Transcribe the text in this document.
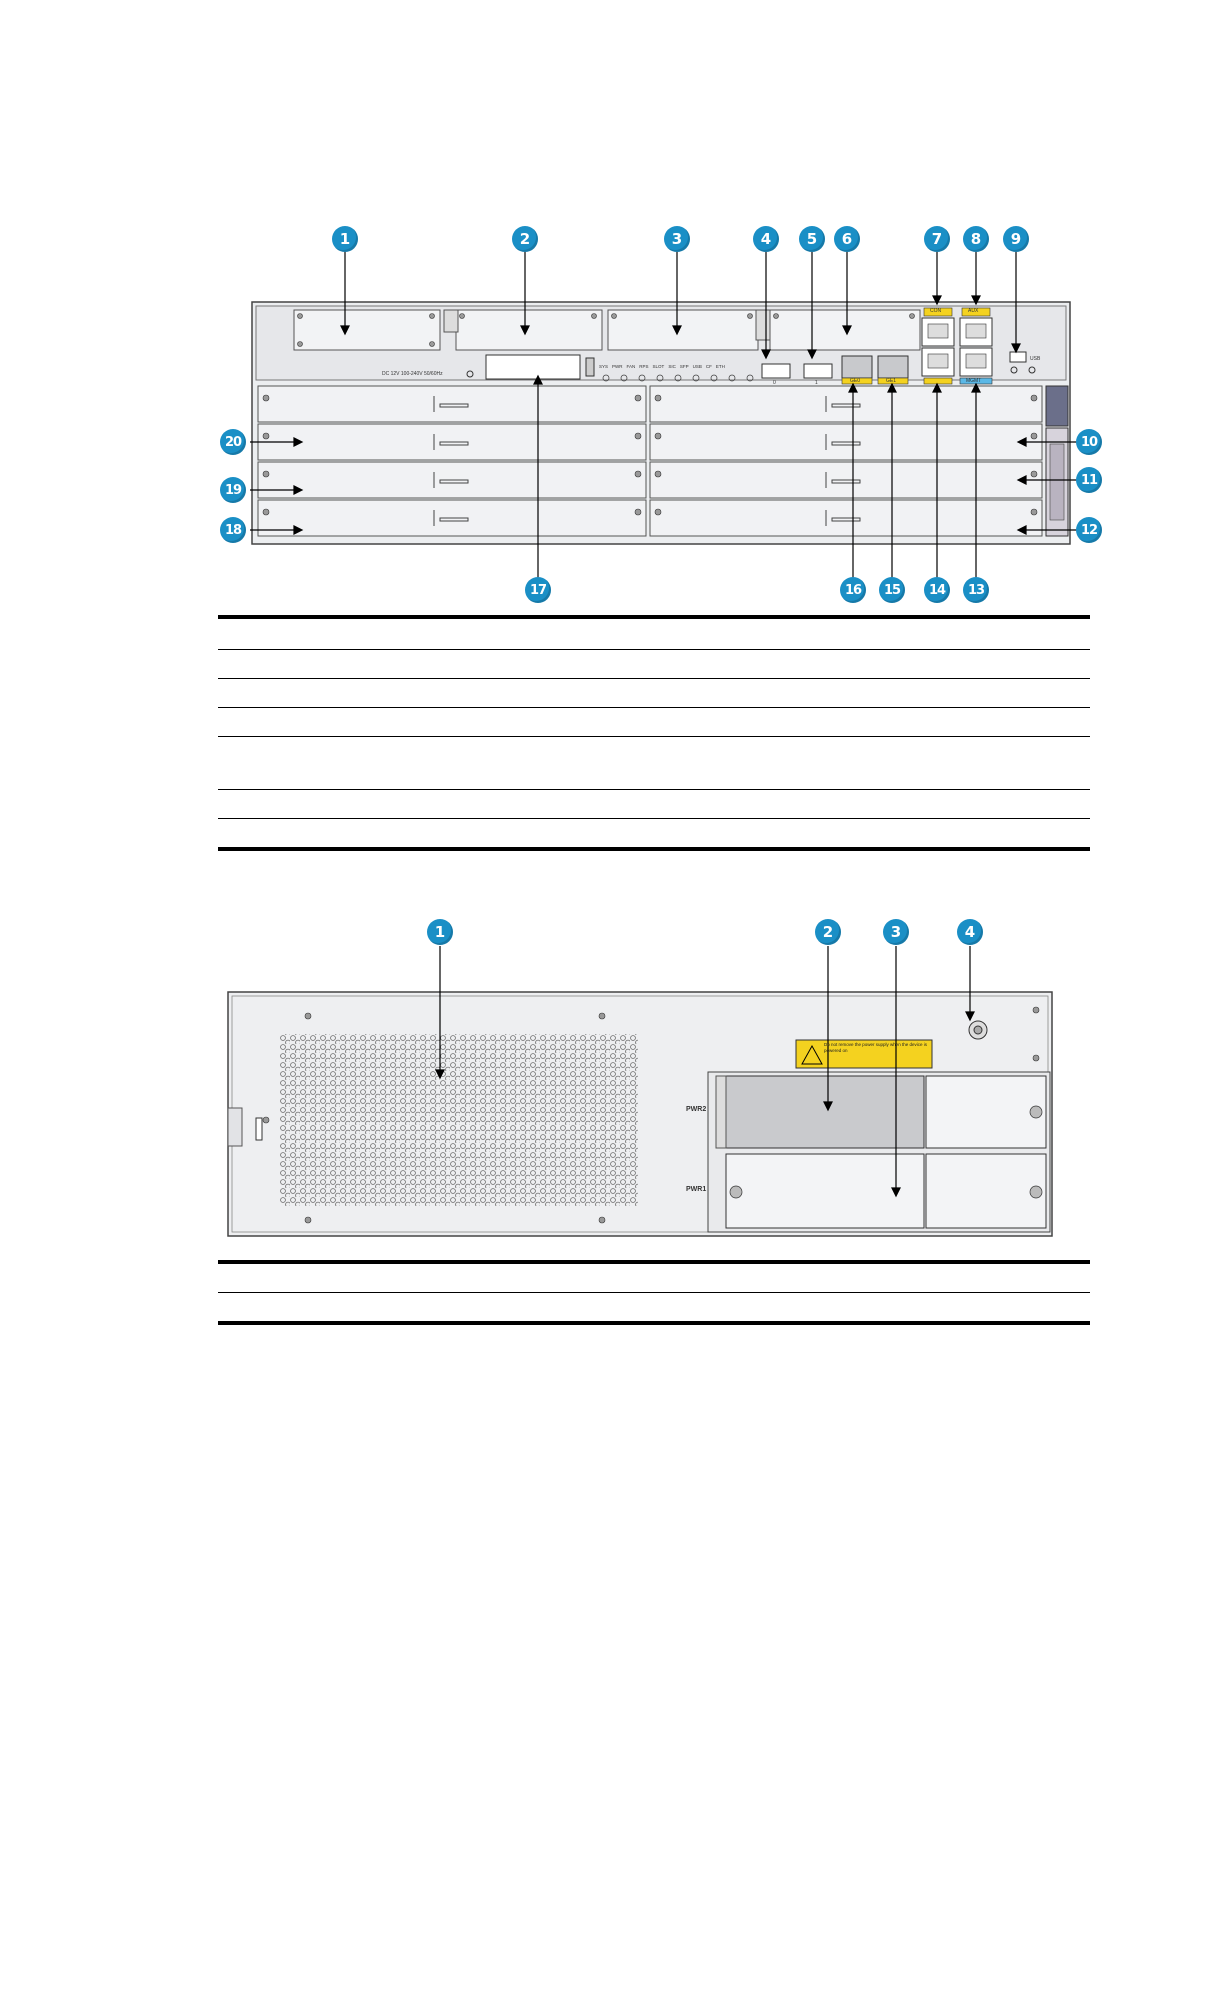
DC 12V 100-240V 50/60Hz
0	1
CON	AUX
GE0	GE1	MGMT
USB
SYS PWR FAN RPS SLOT SIC SFP USB CF ETH
1	2	3	4	5	6	7	8	9
10
11
12
20
19
18
17	16	15	14	13
Do not remove the power supply when the device is powered on
PWR2
PWR1
1	2	3	4
